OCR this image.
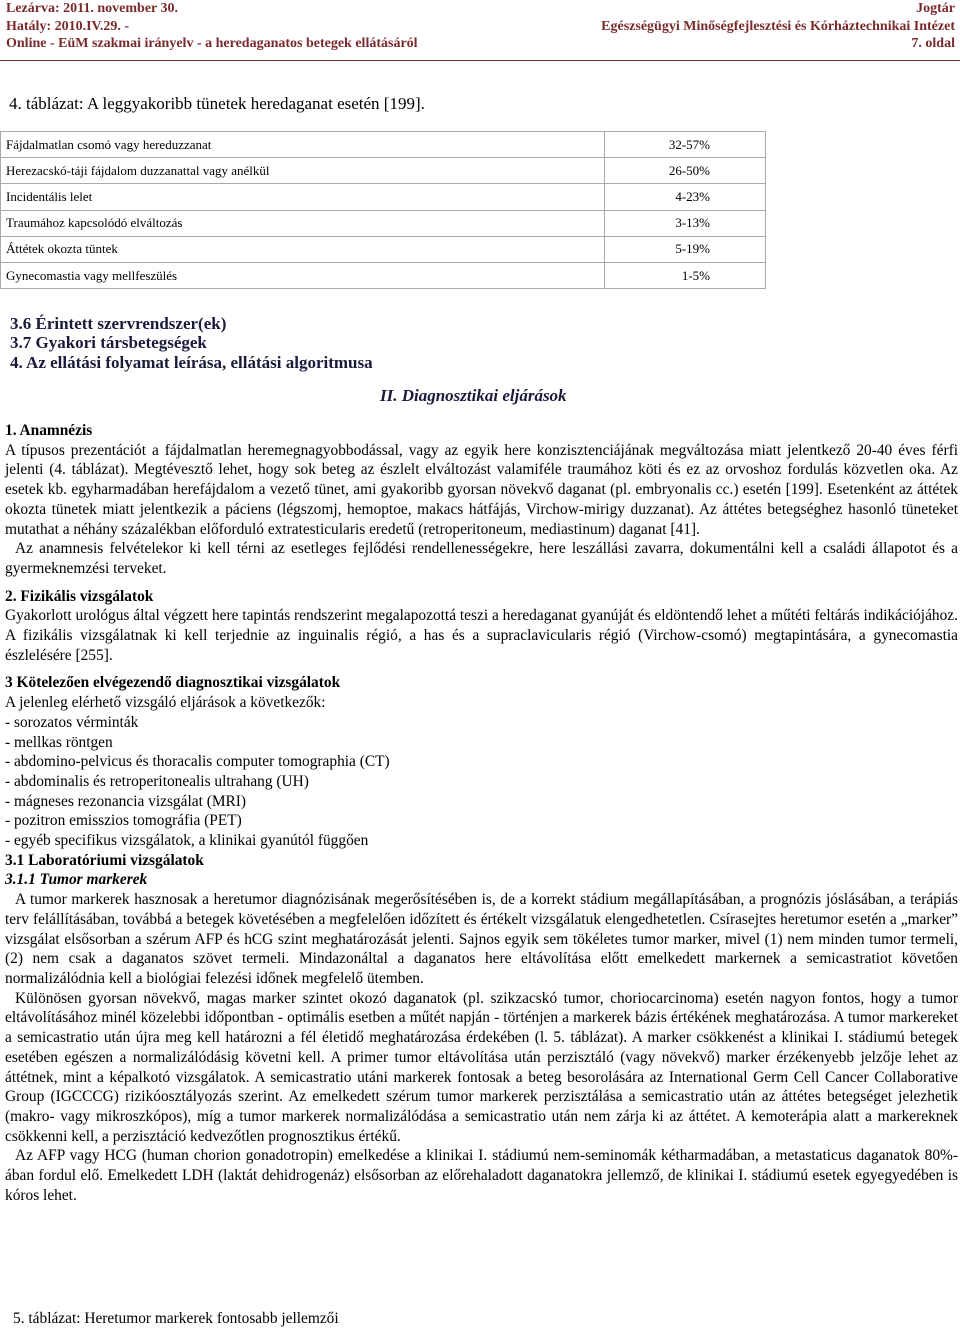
Lezárva: 2011. november 30.
Hatály: 2010.IV.29. -
Online - EüM szakmai irányelv - a heredaganatos betegek ellátásáról
Jogtár
Egészségügyi Minőségfejlesztési és Kórháztechnikai Intézet
7. oldal
4. táblázat: A leggyakoribb tünetek heredaganat esetén [199].
Fájdalmatlan csomó vagy hereduzzanat	32-57%
Herezacskó-táji fájdalom duzzanattal vagy anélkül	26-50%
Incidentális lelet	4-23%
Traumához kapcsolódó elváltozás	3-13%
Áttétek okozta tüntek	5-19%
Gynecomastia vagy mellfeszülés	1-5%
3.6 Érintett szervrendszer(ek)
3.7 Gyakori társbetegségek
4. Az ellátási folyamat leírása, ellátási algoritmusa
II. Diagnosztikai eljárások

1. Anamnézis

A típusos prezentációt a fájdalmatlan heremegnagyobbodással, vagy az egyik here konzisztenciájának megváltozása miatt jelentkező 20-40 éves férfi jelenti (4. táblázat). Megtévesztő lehet, hogy sok beteg az észlelt elváltozást valamiféle traumához köti és ez az orvoshoz fordulás közvetlen oka. Az esetek kb. egyharmadában herefájdalom a vezető tünet, ami gyakoribb gyorsan növekvő daganat (pl. embryonalis cc.) esetén [199]. Esetenként az áttétek okozta tünetek miatt jelentkezik a páciens (légszomj, hemoptoe, makacs hátfájás, Virchow-mirigy duzzanat). Az áttétes betegséghez hasonló tüneteket mutathat a néhány százalékban előforduló extratesticularis eredetű (retroperitoneum, mediastinum) daganat [41].

Az anamnesis felvételekor ki kell térni az esetleges fejlődési rendellenességekre, here leszállási zavarra, dokumentálni kell a családi állapotot és a gyermeknemzési terveket.

2. Fizikális vizsgálatok

Gyakorlott urológus által végzett here tapintás rendszerint megalapozottá teszi a heredaganat gyanúját és eldöntendő lehet a műtéti feltárás indikációjához. A fizikális vizsgálatnak ki kell terjednie az inguinalis régió, a has és a supraclavicularis régió (Virchow-csomó) megtapintására, a gynecomastia észlelésére [255].

3 Kötelezően elvégezendő diagnosztikai vizsgálatok

A jelenleg elérhető vizsgáló eljárások a következők:

- sorozatos vérminták

- mellkas röntgen

- abdomino-pelvicus és thoracalis computer tomographia (CT)

- abdominalis és retroperitonealis ultrahang (UH)

- mágneses rezonancia vizsgálat (MRI)

- pozitron emisszios tomográfia (PET)

- egyéb specifikus vizsgálatok, a klinikai gyanútól függően

3.1 Laboratóriumi vizsgálatok

3.1.1 Tumor markerek

A tumor markerek hasznosak a heretumor diagnózisának megerősítésében is, de a korrekt stádium megállapításában, a prognózis jóslásában, a terápiás terv felállításában, továbbá a betegek követésében a megfelelően időzített és értékelt vizsgálatuk elengedhetetlen. Csírasejtes heretumor esetén a „marker” vizsgálat elsősorban a szérum AFP és hCG szint meghatározását jelenti. Sajnos egyik sem tökéletes tumor marker, mivel (1) nem minden tumor termeli, (2) nem csak a daganatos szövet termeli. Mindazonáltal a daganatos here eltávolítása előtt emelkedett markernek a semicastratiot követően normalizálódnia kell a biológiai felezési időnek megfelelő ütemben.

Különösen gyorsan növekvő, magas marker szintet okozó daganatok (pl. szikzacskó tumor, choriocarcinoma) esetén nagyon fontos, hogy a tumor eltávolításához minél közelebbi időpontban - optimális esetben a műtét napján - történjen a markerek bázis értékének meghatározása. A tumor markereket a semicastratio után újra meg kell határozni a fél életidő meghatározása érdekében (l. 5. táblázat). A marker csökkenést a klinikai I. stádiumú betegek esetében egészen a normalizálódásig követni kell. A primer tumor eltávolítása után perzisztáló (vagy növekvő) marker érzékenyebb jelzője lehet az áttétnek, mint a képalkotó vizsgálatok. A semicastratio utáni markerek fontosak a beteg besorolására az International Germ Cell Cancer Collaborative Group (IGCCCG) rizikóosztályozás szerint. Az emelkedett szérum tumor markerek perzisztálása a semicastratio után az áttétes betegséget jelezhetik (makro- vagy mikroszkópos), míg a tumor markerek normalizálódása a semicastratio után nem zárja ki az áttétet. A kemoterápia alatt a markereknek csökkenni kell, a perzisztáció kedvezőtlen prognosztikus értékű.

Az AFP vagy HCG (human chorion gonadotropin) emelkedése a klinikai I. stádiumú nem-seminomák kétharmadában, a metastaticus daganatok 80%-ában fordul elő. Emelkedett LDH (laktát dehidrogenáz) elsősorban az előrehaladott daganatokra jellemző, de klinikai I. stádiumú esetek egyegyedében is kóros lehet.

5. táblázat: Heretumor markerek fontosabb jellemzői
